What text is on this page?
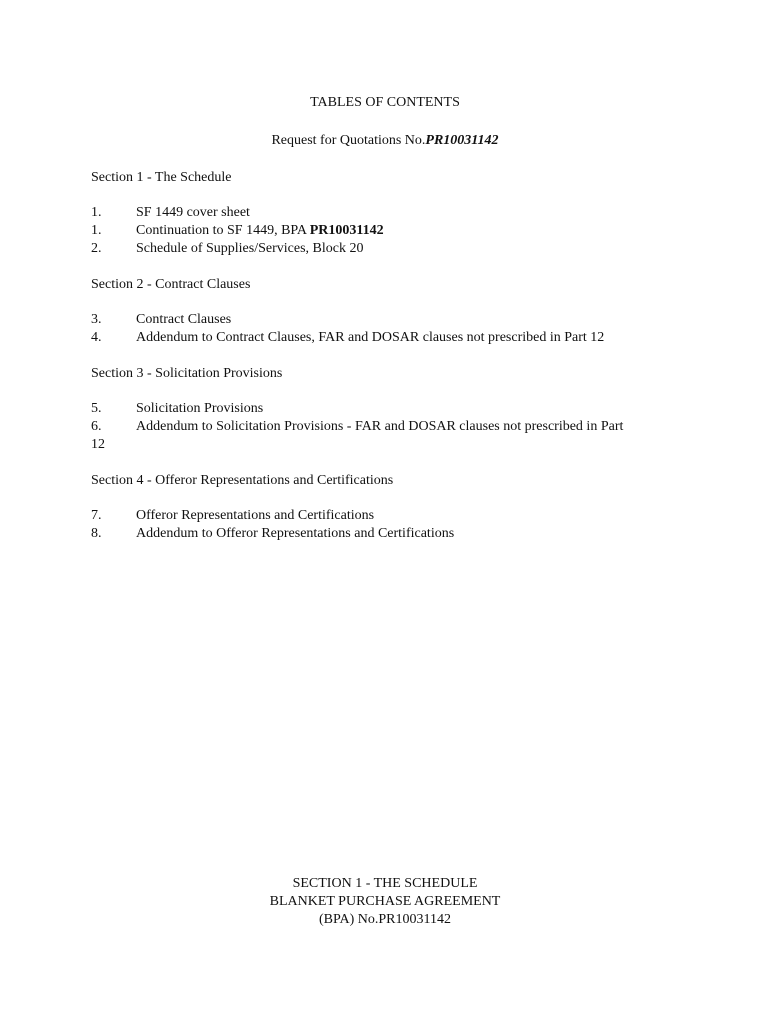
TABLES OF CONTENTS
Request for Quotations No.PR10031142
Section 1 - The Schedule
1. SF 1449 cover sheet
1. Continuation to SF 1449, BPA PR10031142
2. Schedule of Supplies/Services, Block 20
Section 2 - Contract Clauses
3. Contract Clauses
4. Addendum to Contract Clauses, FAR and DOSAR clauses not prescribed in Part 12
Section 3 - Solicitation Provisions
5. Solicitation Provisions
6. Addendum to Solicitation Provisions - FAR and DOSAR clauses not prescribed in Part
12
Section 4 - Offeror Representations and Certifications
7. Offeror Representations and Certifications
8. Addendum to Offeror Representations and Certifications
SECTION 1 - THE SCHEDULE
BLANKET PURCHASE AGREEMENT
(BPA) No.PR10031142
